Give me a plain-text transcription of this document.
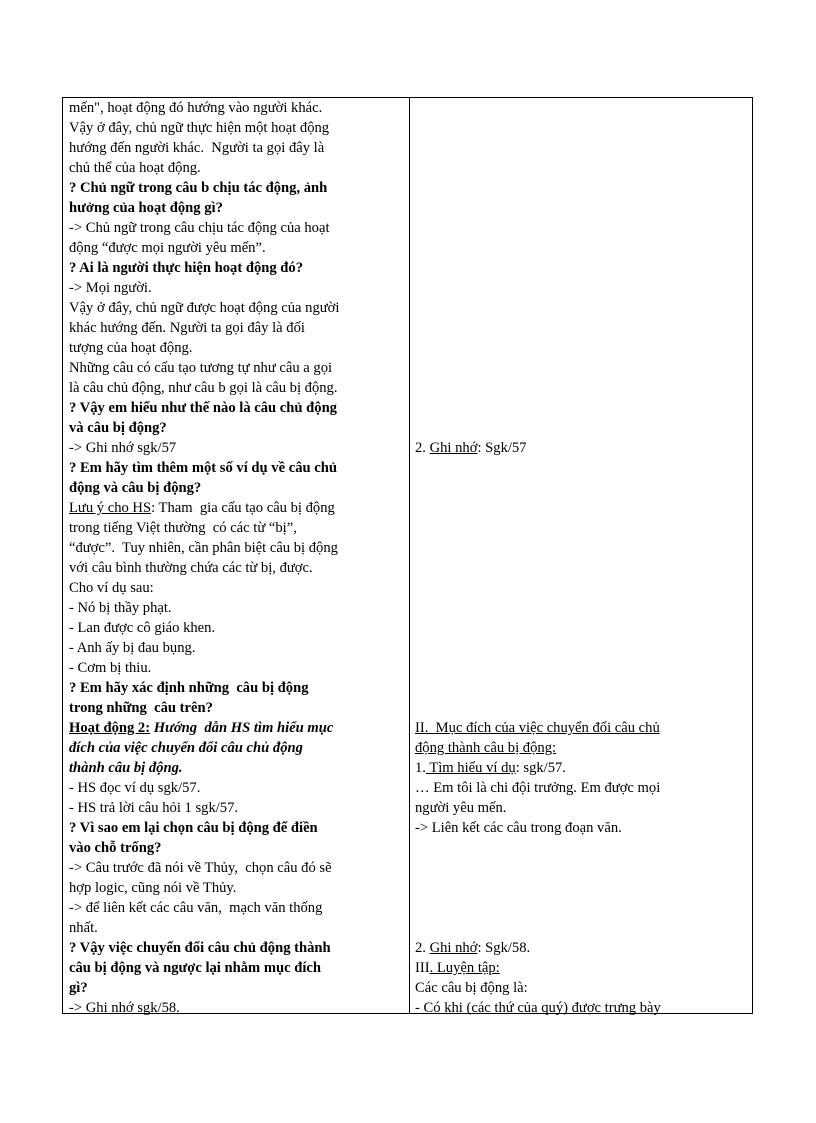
mến", hoạt động đó hướng vào người khác.
Vậy ở đây, chủ ngữ thực hiện một hoạt động
hướng đến người khác.  Người ta gọi đây là
chủ thể của hoạt động.
? Chủ ngữ trong câu b chịu tác động, ảnh
hưởng của hoạt động gì?
-> Chủ ngữ trong câu chịu tác động của hoạt
động “được mọi người yêu mến”.
? Ai là người thực hiện hoạt động đó?
-> Mọi người.
Vậy ở đây, chủ ngữ được hoạt động của người
khác hướng đến. Người ta gọi đây là đối
tượng của hoạt động.
Những câu có cấu tạo tương tự như câu a gọi
là câu chủ động, như câu b gọi là câu bị động.
? Vậy em hiểu như thế nào là câu chủ động
và câu bị động?
-> Ghi nhớ sgk/57
? Em hãy tìm thêm một số ví dụ về câu chủ
động và câu bị động?
Lưu ý cho HS: Tham  gia cấu tạo câu bị động
trong tiếng Việt thường  có các từ “bị”,
“được”.  Tuy nhiên, cần phân biệt câu bị động
với câu bình thường chứa các từ bị, được.
Cho ví dụ sau:
- Nó bị thầy phạt.
- Lan được cô giáo khen.
- Anh ấy bị đau bụng.
- Cơm bị thiu.
? Em hãy xác định những  câu bị động
trong những  câu trên?
Hoạt động 2: Hướng  dẫn HS tìm hiểu mục
đích của việc chuyển đổi câu chủ động
thành câu bị động.
- HS đọc ví dụ sgk/57.
- HS trả lời câu hỏi 1 sgk/57.
? Vì sao em lại chọn câu bị động để điền
vào chỗ trống?
-> Câu trước đã nói về Thủy,  chọn câu đó sẽ
hợp logic, cũng nói về Thủy.
-> để liên kết các câu văn,  mạch văn thống
nhất.
? Vậy việc chuyển đổi câu chủ động thành
câu bị động và ngược lại nhằm mục đích
gì?
-> Ghi nhớ sgk/58.
2. Ghi nhớ: Sgk/57
II.  Mục đích của việc chuyển đổi câu chủ
động thành câu bị động:
1. Tìm hiểu ví dụ: sgk/57.
… Em tôi là chi đội trưởng. Em được mọi
người yêu mến.
-> Liên kết các câu trong đoạn văn.
2. Ghi nhớ: Sgk/58.
III. Luyện tập:
Các câu bị động là:
- Có khi (các thứ của quý) được trưng bày
